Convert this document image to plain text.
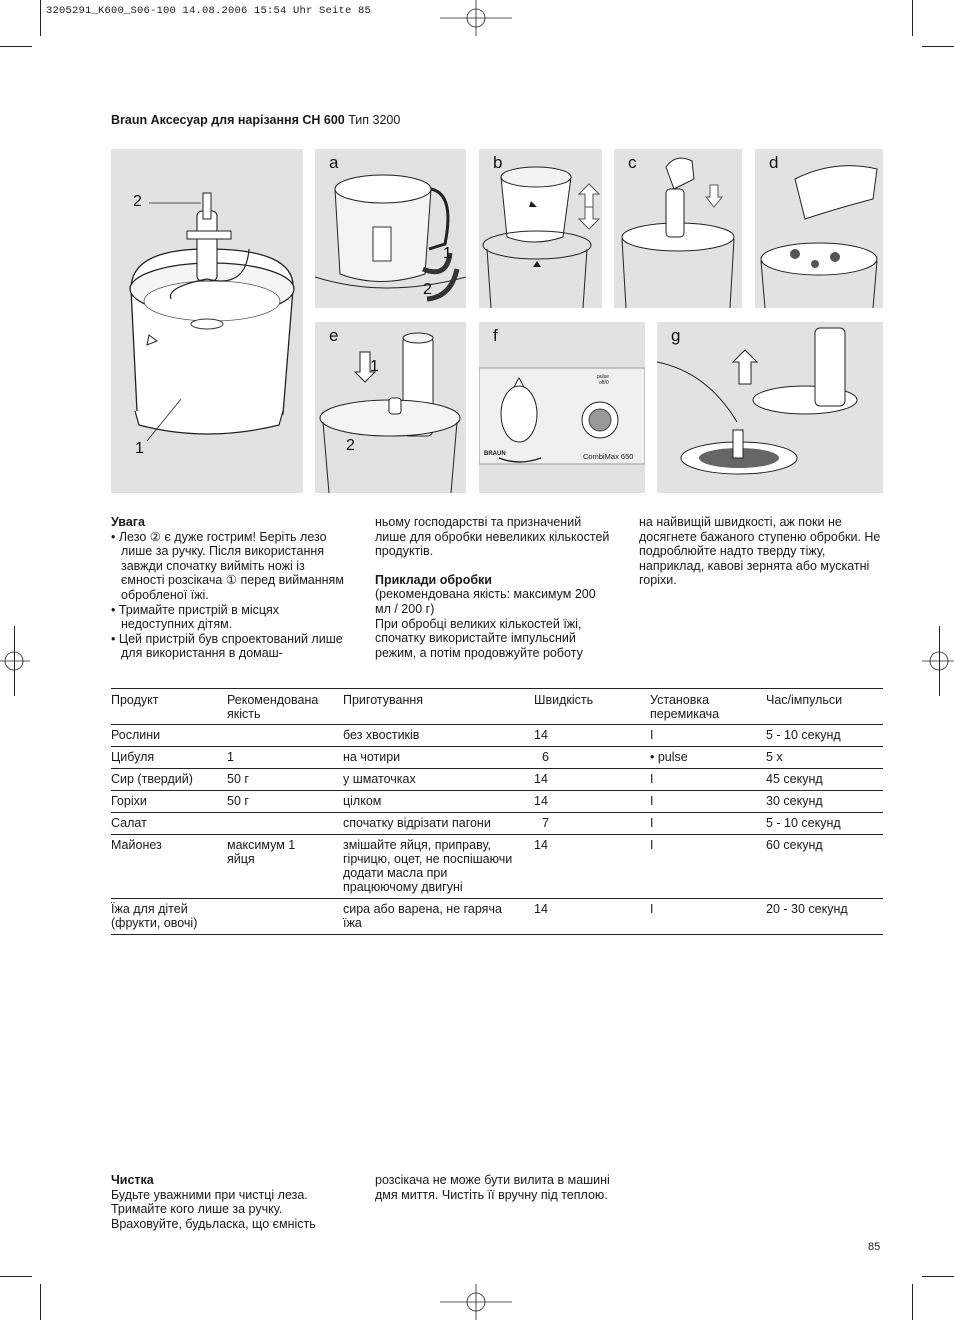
3205291_K600_S06-100 14.08.2006 15:54 Uhr Seite 85
Braun Аксесуар для нарізання CH 600 Тип 3200
2
1
a
1
2
b	c	d
e
1
2
f
BRAUN	CombiMax 650
pulse
off/0
g

Увага

• Лезо ② є дуже гострим! Беріть лезо лише за ручку. Після використання завжди спочатку вийміть ножі із ємності розсікача ① перед вийманням обробленої їжі.

• Тримайте пристрій в місцях недоступних дітям.

• Цей пристрій був спроектований лише для використання в домаш-

ньому господарстві та призначений лише для обробки невеликих кількостей продуктів.

Приклади обробки

(рекомендована якість: максимум 200 мл / 200 г)

При обробці великих кількостей їжі, спочатку використайте імпульсний режим, а потім продовжуйте роботу

на найвищій швидкості, аж поки не досягнете бажаного ступеню обробки. Не подроблюйте надто тверду тіжу, наприклад, кавові зернята або мускатні горіхи.

Продукт	Рекомендована якість	Приготування	Швидкість	Установка перемикача	Час/імпульси
Рослини		без хвостиків	14	I	5 - 10 секунд
Цибуля	1	на чотири	6	• pulse	5 x
Сир (твердий)	50 г	у шматочках	14	I	45 секунд
Горіхи	50 г	цілком	14	I	30 секунд
Салат		спочатку відрізати пагони	7	I	5 - 10 секунд
Майонез	максимум 1 яйця	змішайте яйця, приправу, гірчицю, оцет, не поспішаючи додати масла при працюючому двигуні	14	I	60 секунд
Їжа для дітей (фрукти, овочі)		сира або варена, не гаряча їжа	14	I	20 - 30 секунд

Чистка

Будьте уважними при чистці леза. Тримайте кого лише за ручку. Враховуйте, будьласка, що ємність

розсікача не може бути вилита в машині дмя миття. Чистіть її вручну під теплою.

85
